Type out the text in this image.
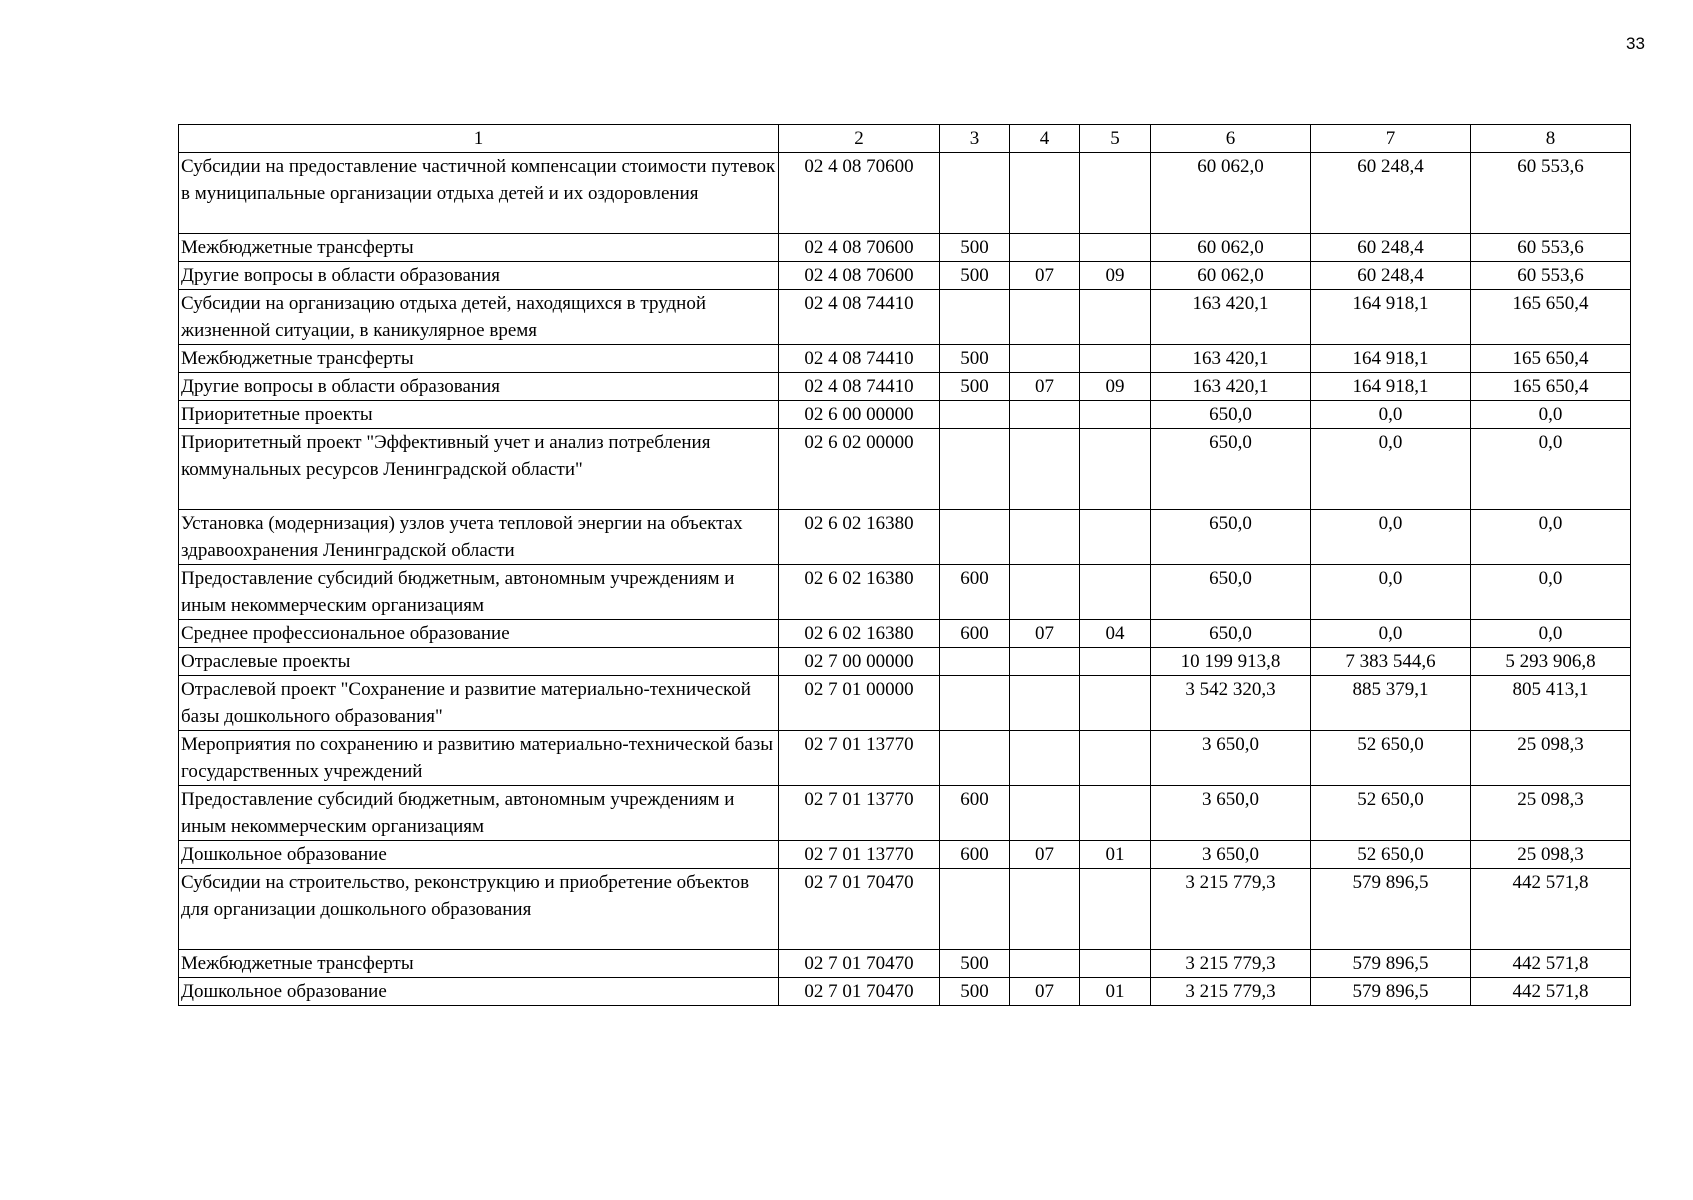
33
1	2	3	4	5	6	7	8
Субсидии на предоставление частичной компенсации стоимости путевок в муниципальные организации отдыха детей и их оздоровления	02 4 08 70600				60 062,0	60 248,4	60 553,6
Межбюджетные трансферты	02 4 08 70600	500			60 062,0	60 248,4	60 553,6
Другие вопросы в области образования	02 4 08 70600	500	07	09	60 062,0	60 248,4	60 553,6
Субсидии на организацию отдыха детей, находящихся в трудной жизненной ситуации, в каникулярное время	02 4 08 74410				163 420,1	164 918,1	165 650,4
Межбюджетные трансферты	02 4 08 74410	500			163 420,1	164 918,1	165 650,4
Другие вопросы в области образования	02 4 08 74410	500	07	09	163 420,1	164 918,1	165 650,4
Приоритетные проекты	02 6 00 00000				650,0	0,0	0,0
Приоритетный проект "Эффективный учет и анализ потребления коммунальных ресурсов Ленинградской области"	02 6 02 00000				650,0	0,0	0,0
Установка (модернизация) узлов учета тепловой энергии на объектах здравоохранения Ленинградской области	02 6 02 16380				650,0	0,0	0,0
Предоставление субсидий бюджетным, автономным учреждениям и иным некоммерческим организациям	02 6 02 16380	600			650,0	0,0	0,0
Среднее профессиональное образование	02 6 02 16380	600	07	04	650,0	0,0	0,0
Отраслевые проекты	02 7 00 00000				10 199 913,8	7 383 544,6	5 293 906,8
Отраслевой проект "Сохранение и развитие материально-технической базы дошкольного образования"	02 7 01 00000				3 542 320,3	885 379,1	805 413,1
Мероприятия по сохранению и развитию материально-технической базы государственных учреждений	02 7 01 13770				3 650,0	52 650,0	25 098,3
Предоставление субсидий бюджетным, автономным учреждениям и иным некоммерческим организациям	02 7 01 13770	600			3 650,0	52 650,0	25 098,3
Дошкольное образование	02 7 01 13770	600	07	01	3 650,0	52 650,0	25 098,3
Субсидии на строительство, реконструкцию и приобретение объектов для организации дошкольного образования	02 7 01 70470				3 215 779,3	579 896,5	442 571,8
Межбюджетные трансферты	02 7 01 70470	500			3 215 779,3	579 896,5	442 571,8
Дошкольное образование	02 7 01 70470	500	07	01	3 215 779,3	579 896,5	442 571,8
